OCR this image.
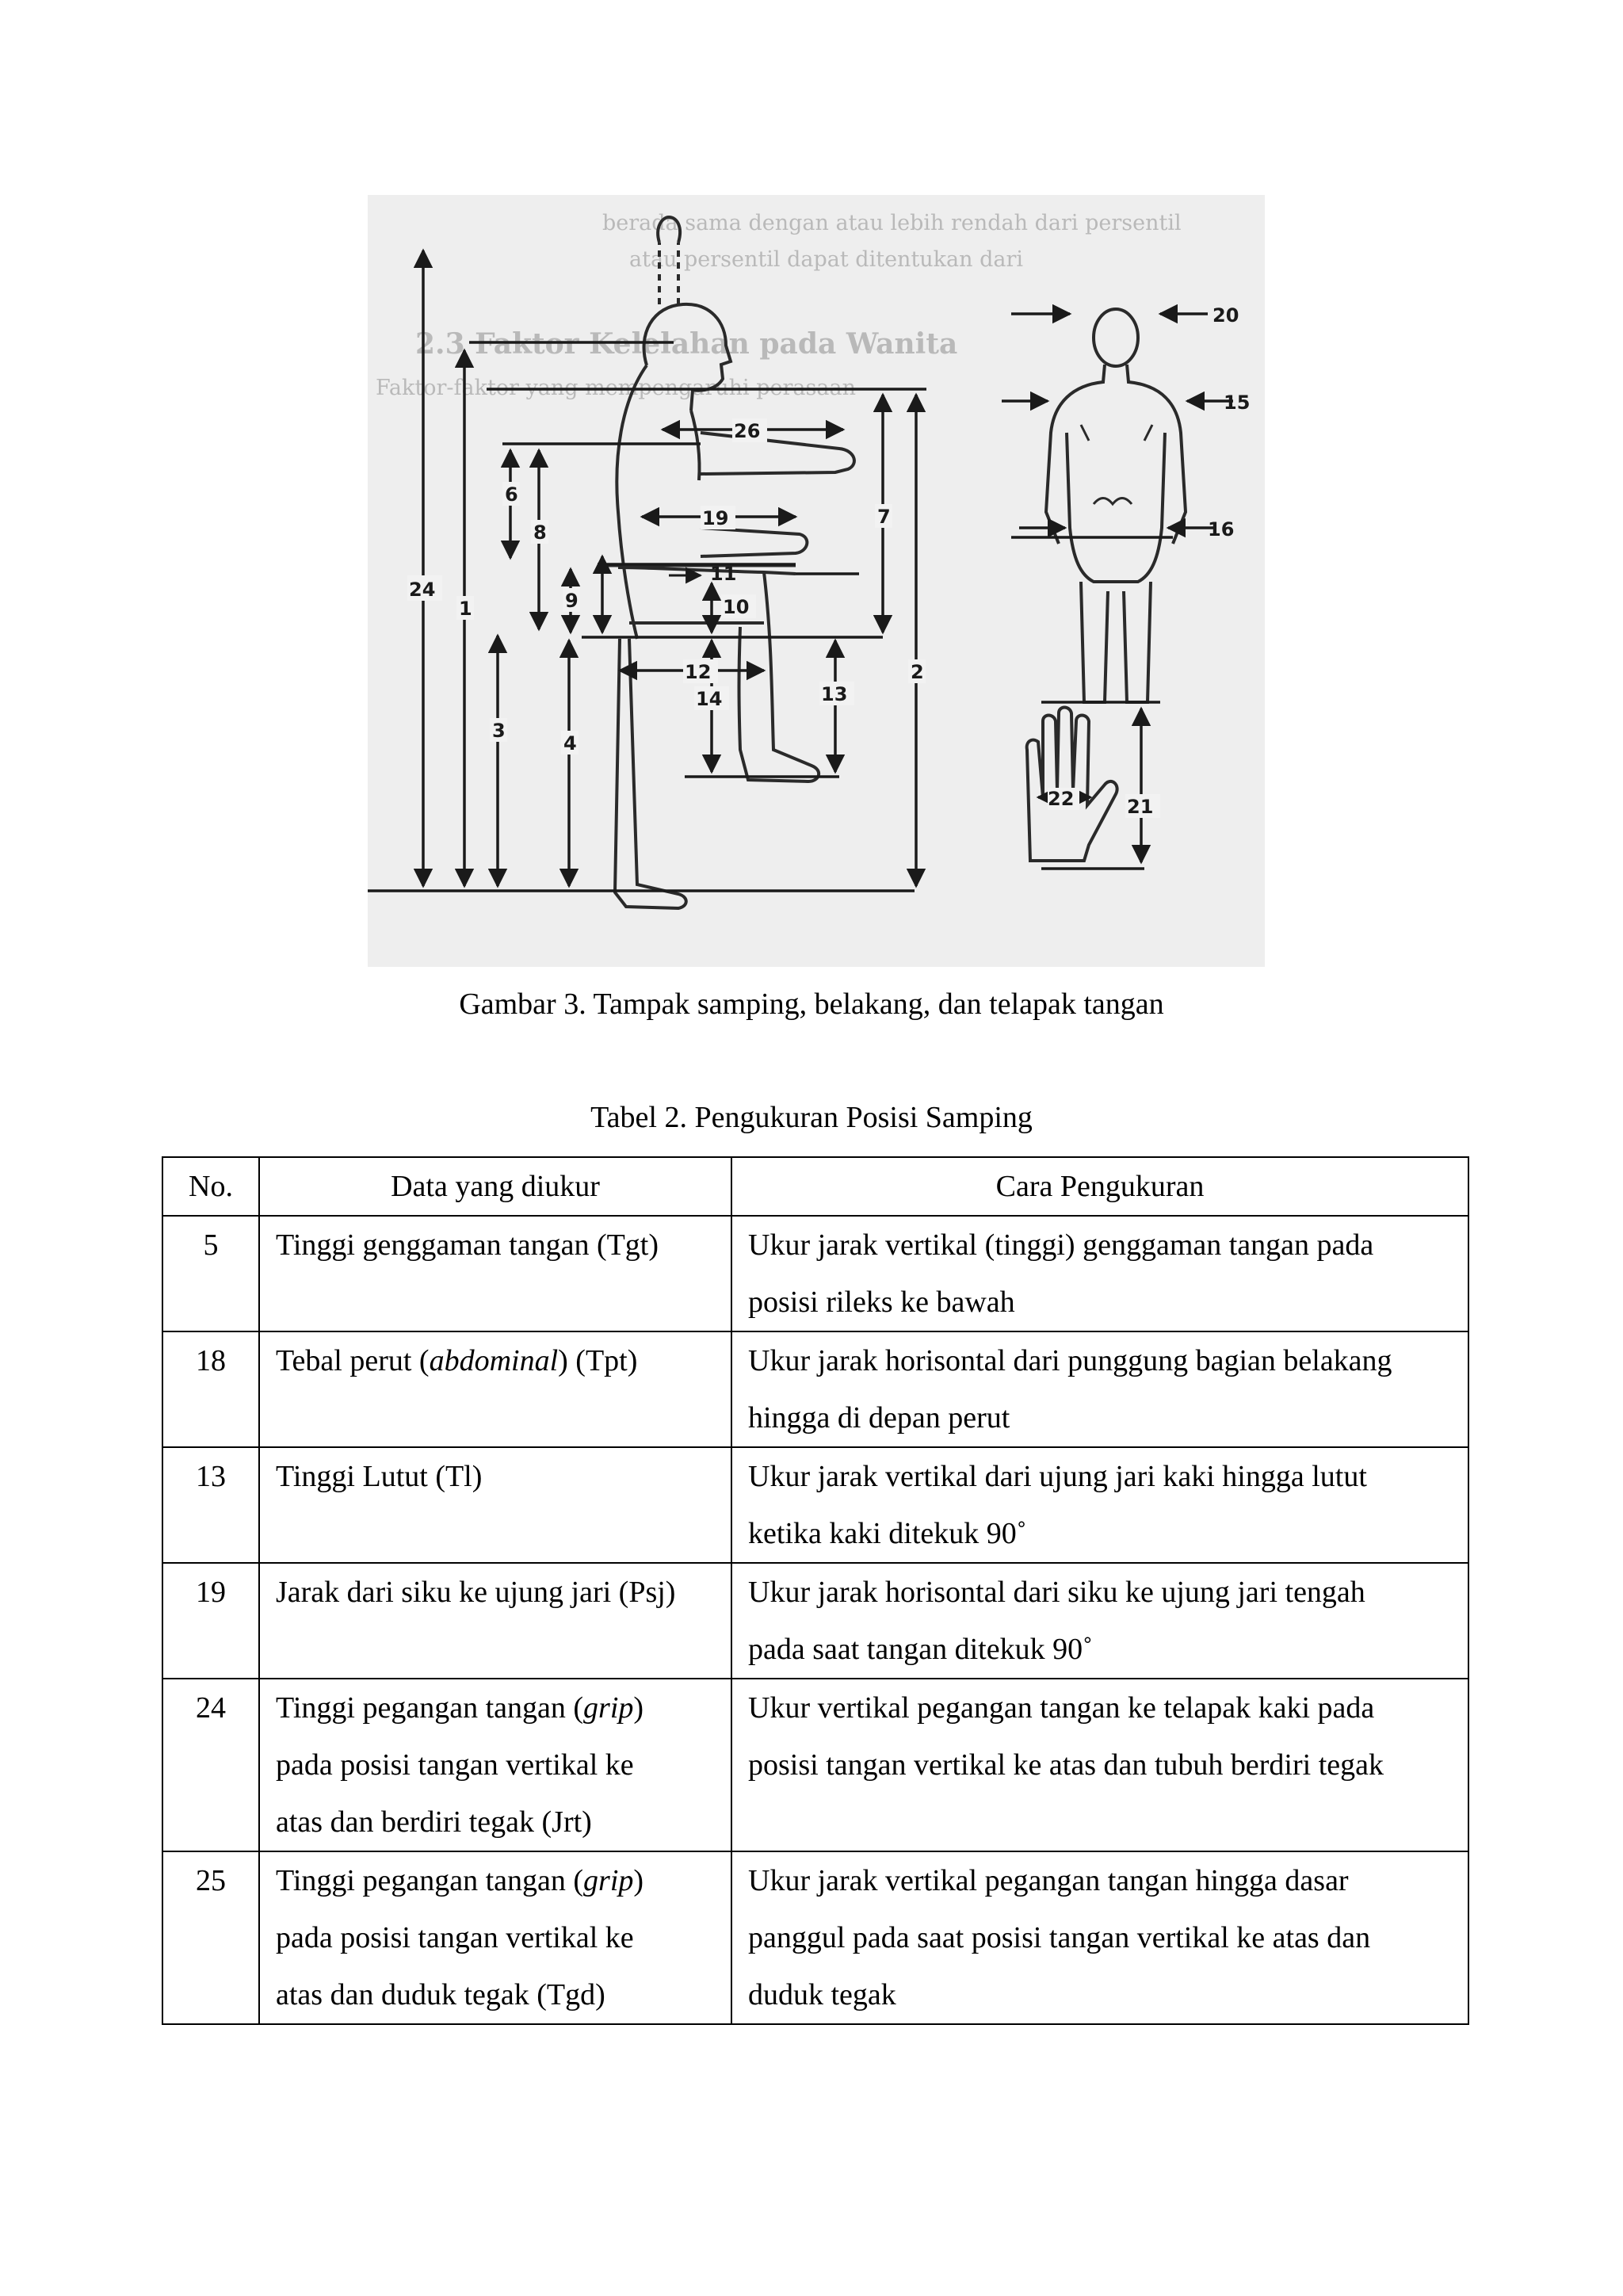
berada sama dengan atau lebih rendah dari persentil
atau persentil dapat ditentukan dari
2.3 Faktor Kelelahan pada Wanita
Faktor-faktor yang mempengaruhi perasaan
24
1
6
8
3
9
4
26
19
11
10
12
14	13
7
2
20
15
16
22	21
Gambar 3. Tampak samping, belakang, dan telapak tangan
Tabel 2. Pengukuran Posisi Samping
No.	Data yang diukur	Cara Pengukuran
5	Tinggi genggaman tangan (Tgt)	Ukur jarak vertikal (tinggi) genggaman tangan pada
posisi rileks ke bawah
18	Tebal perut (abdominal) (Tpt)	Ukur jarak horisontal dari punggung bagian belakang
hingga di depan perut
13	Tinggi Lutut (Tl)	Ukur jarak vertikal dari ujung jari kaki hingga lutut
ketika kaki ditekuk 90˚
19	Jarak dari siku ke ujung jari (Psj)	Ukur jarak horisontal dari siku ke ujung jari tengah
pada saat tangan ditekuk 90˚
24	Tinggi pegangan tangan (grip)
pada posisi tangan vertikal ke
atas dan berdiri tegak (Jrt)	Ukur vertikal pegangan tangan ke telapak kaki pada
posisi tangan vertikal ke atas dan tubuh berdiri tegak
25	Tinggi pegangan tangan (grip)
pada posisi tangan vertikal ke
atas dan duduk tegak (Tgd)	Ukur jarak vertikal pegangan tangan hingga dasar
panggul pada saat posisi tangan vertikal ke atas dan
duduk tegak
